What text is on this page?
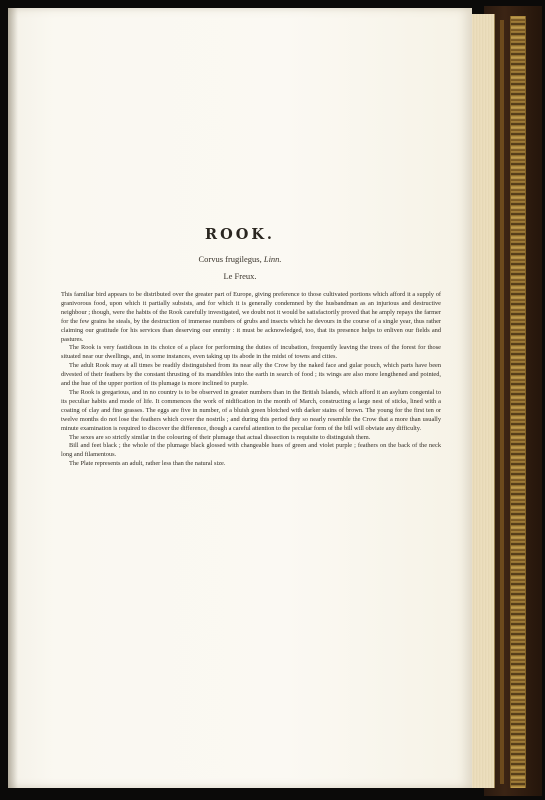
ROOK.
Corvus frugilegus, Linn.
Le Freux.

This familiar bird appears to be distributed over the greater part of Europe, giving preference to those cultivated portions which afford it a supply of granivorous food, upon which it partially subsists, and for which it is generally condemned by the husbandman as an injurious and destructive neighbour ; though, were the habits of the Rook carefully investigated, we doubt not it would be satisfactorily proved that he amply repays the farmer for the few grains he steals, by the destruction of immense numbers of grubs and insects which he devours in the course of a single year, thus rather claiming our gratitude for his services than deserving our enmity : it must be acknowledged, too, that its presence helps to enliven our fields and pastures.

The Rook is very fastidious in its choice of a place for performing the duties of incubation, frequently leaving the trees of the forest for those situated near our dwellings, and, in some instances, even taking up its abode in the midst of towns and cities.

The adult Rook may at all times be readily distinguished from its near ally the Crow by the naked face and gular pouch, which parts have been divested of their feathers by the constant thrusting of its mandibles into the earth in search of food ; its wings are also more lengthened and pointed, and the hue of the upper portion of its plumage is more inclined to purple.

The Rook is gregarious, and in no country is to be observed in greater numbers than in the British Islands, which afford it an asylum congenial to its peculiar habits and mode of life. It commences the work of nidification in the month of March, constructing a large nest of sticks, lined with a coating of clay and fine grasses. The eggs are five in number, of a bluish green blotched with darker stains of brown. The young for the first ten or twelve months do not lose the feathers which cover the nostrils ; and during this period they so nearly resemble the Crow that a more than usually minute examination is required to discover the difference, though a careful attention to the peculiar form of the bill will obviate any difficulty.

The sexes are so strictly similar in the colouring of their plumage that actual dissection is requisite to distinguish them.

Bill and feet black ; the whole of the plumage black glossed with changeable hues of green and violet purple ; feathers on the back of the neck long and filamentous.

The Plate represents an adult, rather less than the natural size.
